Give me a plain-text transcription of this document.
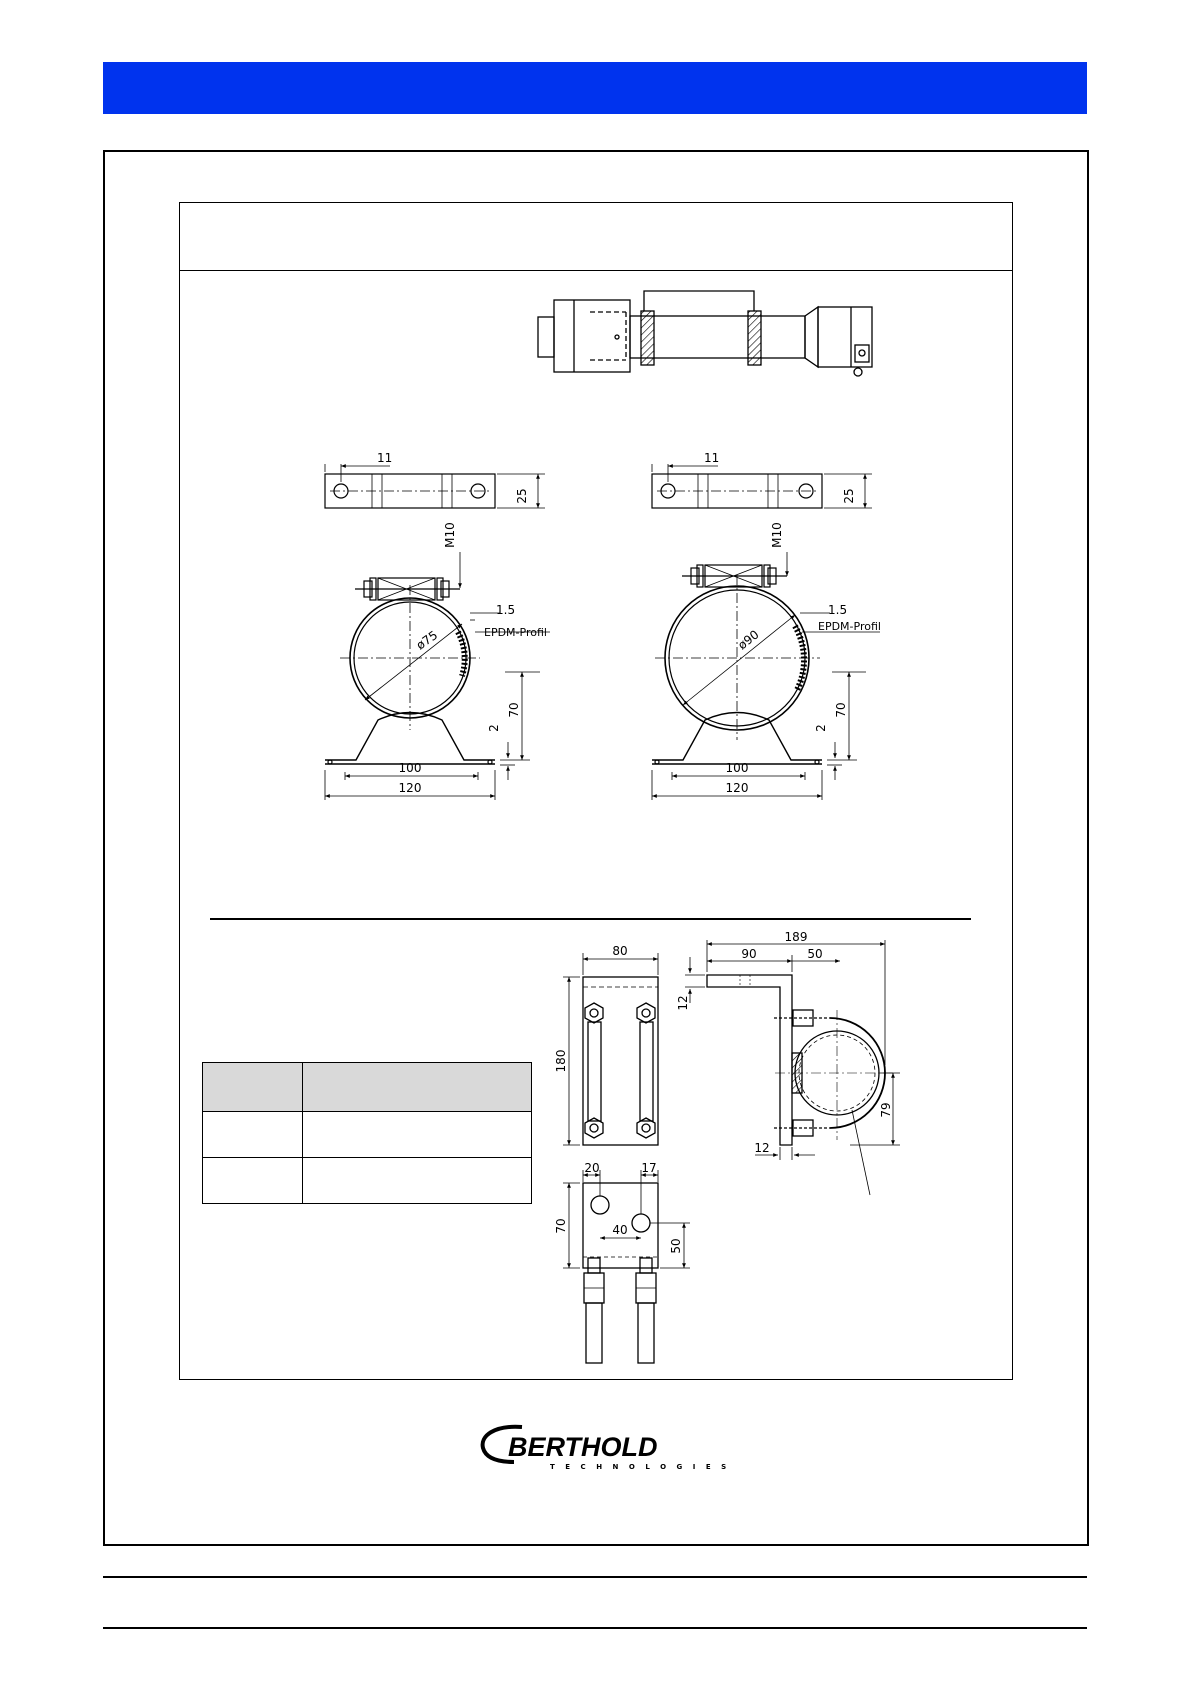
11
25
M10
1.5
EPDM-Profil
ø75
2
70
100
120
11
25
M10
1.5
EPDM-Profil
ø90
2
70
100
120
80
180
189
90	50
12
79
12
20	17
40
70
50
BERTHOLD
TECHNOLOGIES
